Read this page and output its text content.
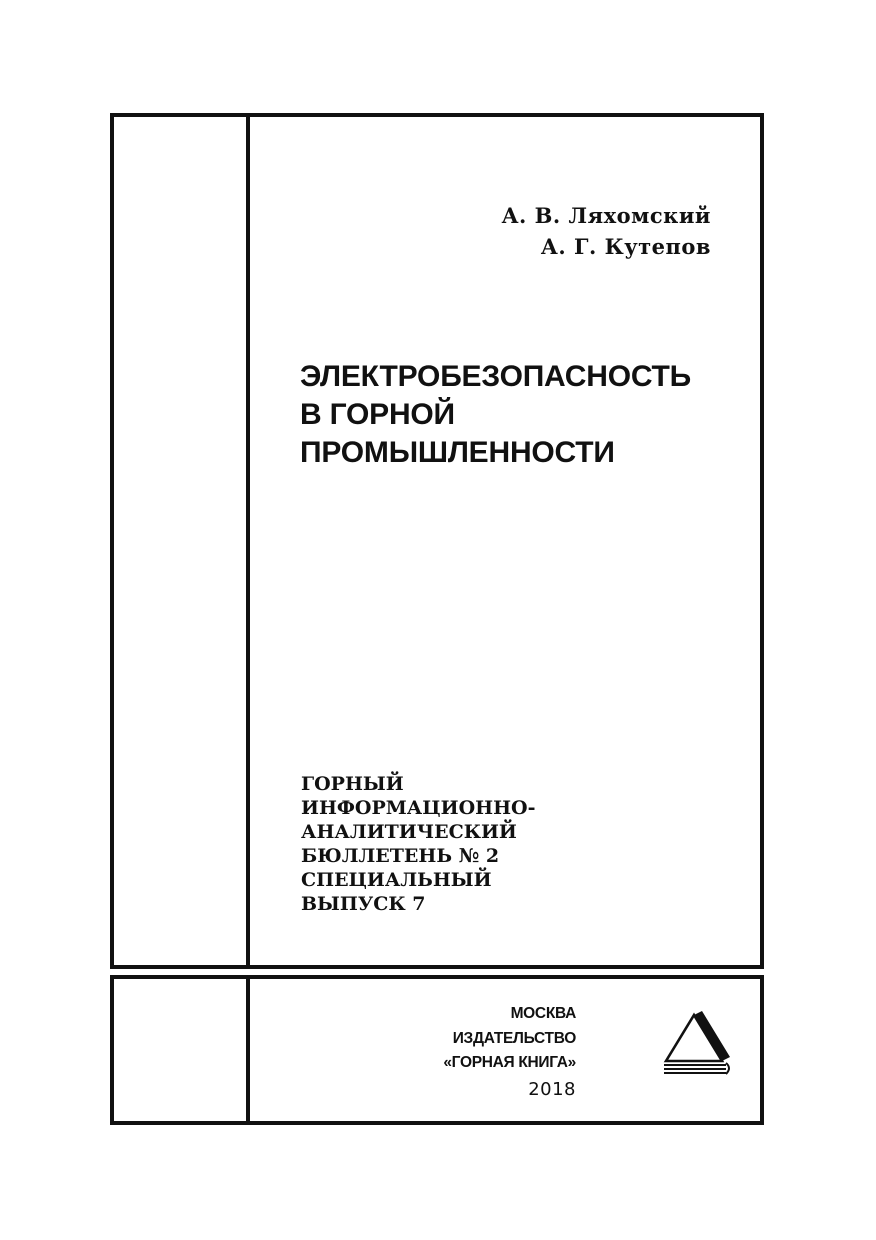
А. В. Ляхомский
А. Г. Кутепов
ЭЛЕКТРОБЕЗОПАСНОСТЬ
В ГОРНОЙ
ПРОМЫШЛЕННОСТИ
ГОРНЫЙ
ИНФОРМАЦИОННО-
АНАЛИТИЧЕСКИЙ
БЮЛЛЕТЕНЬ № 2
СПЕЦИАЛЬНЫЙ
ВЫПУСК 7
МОСКВА
ИЗДАТЕЛЬСТВО
«ГОРНАЯ КНИГА»
2018
